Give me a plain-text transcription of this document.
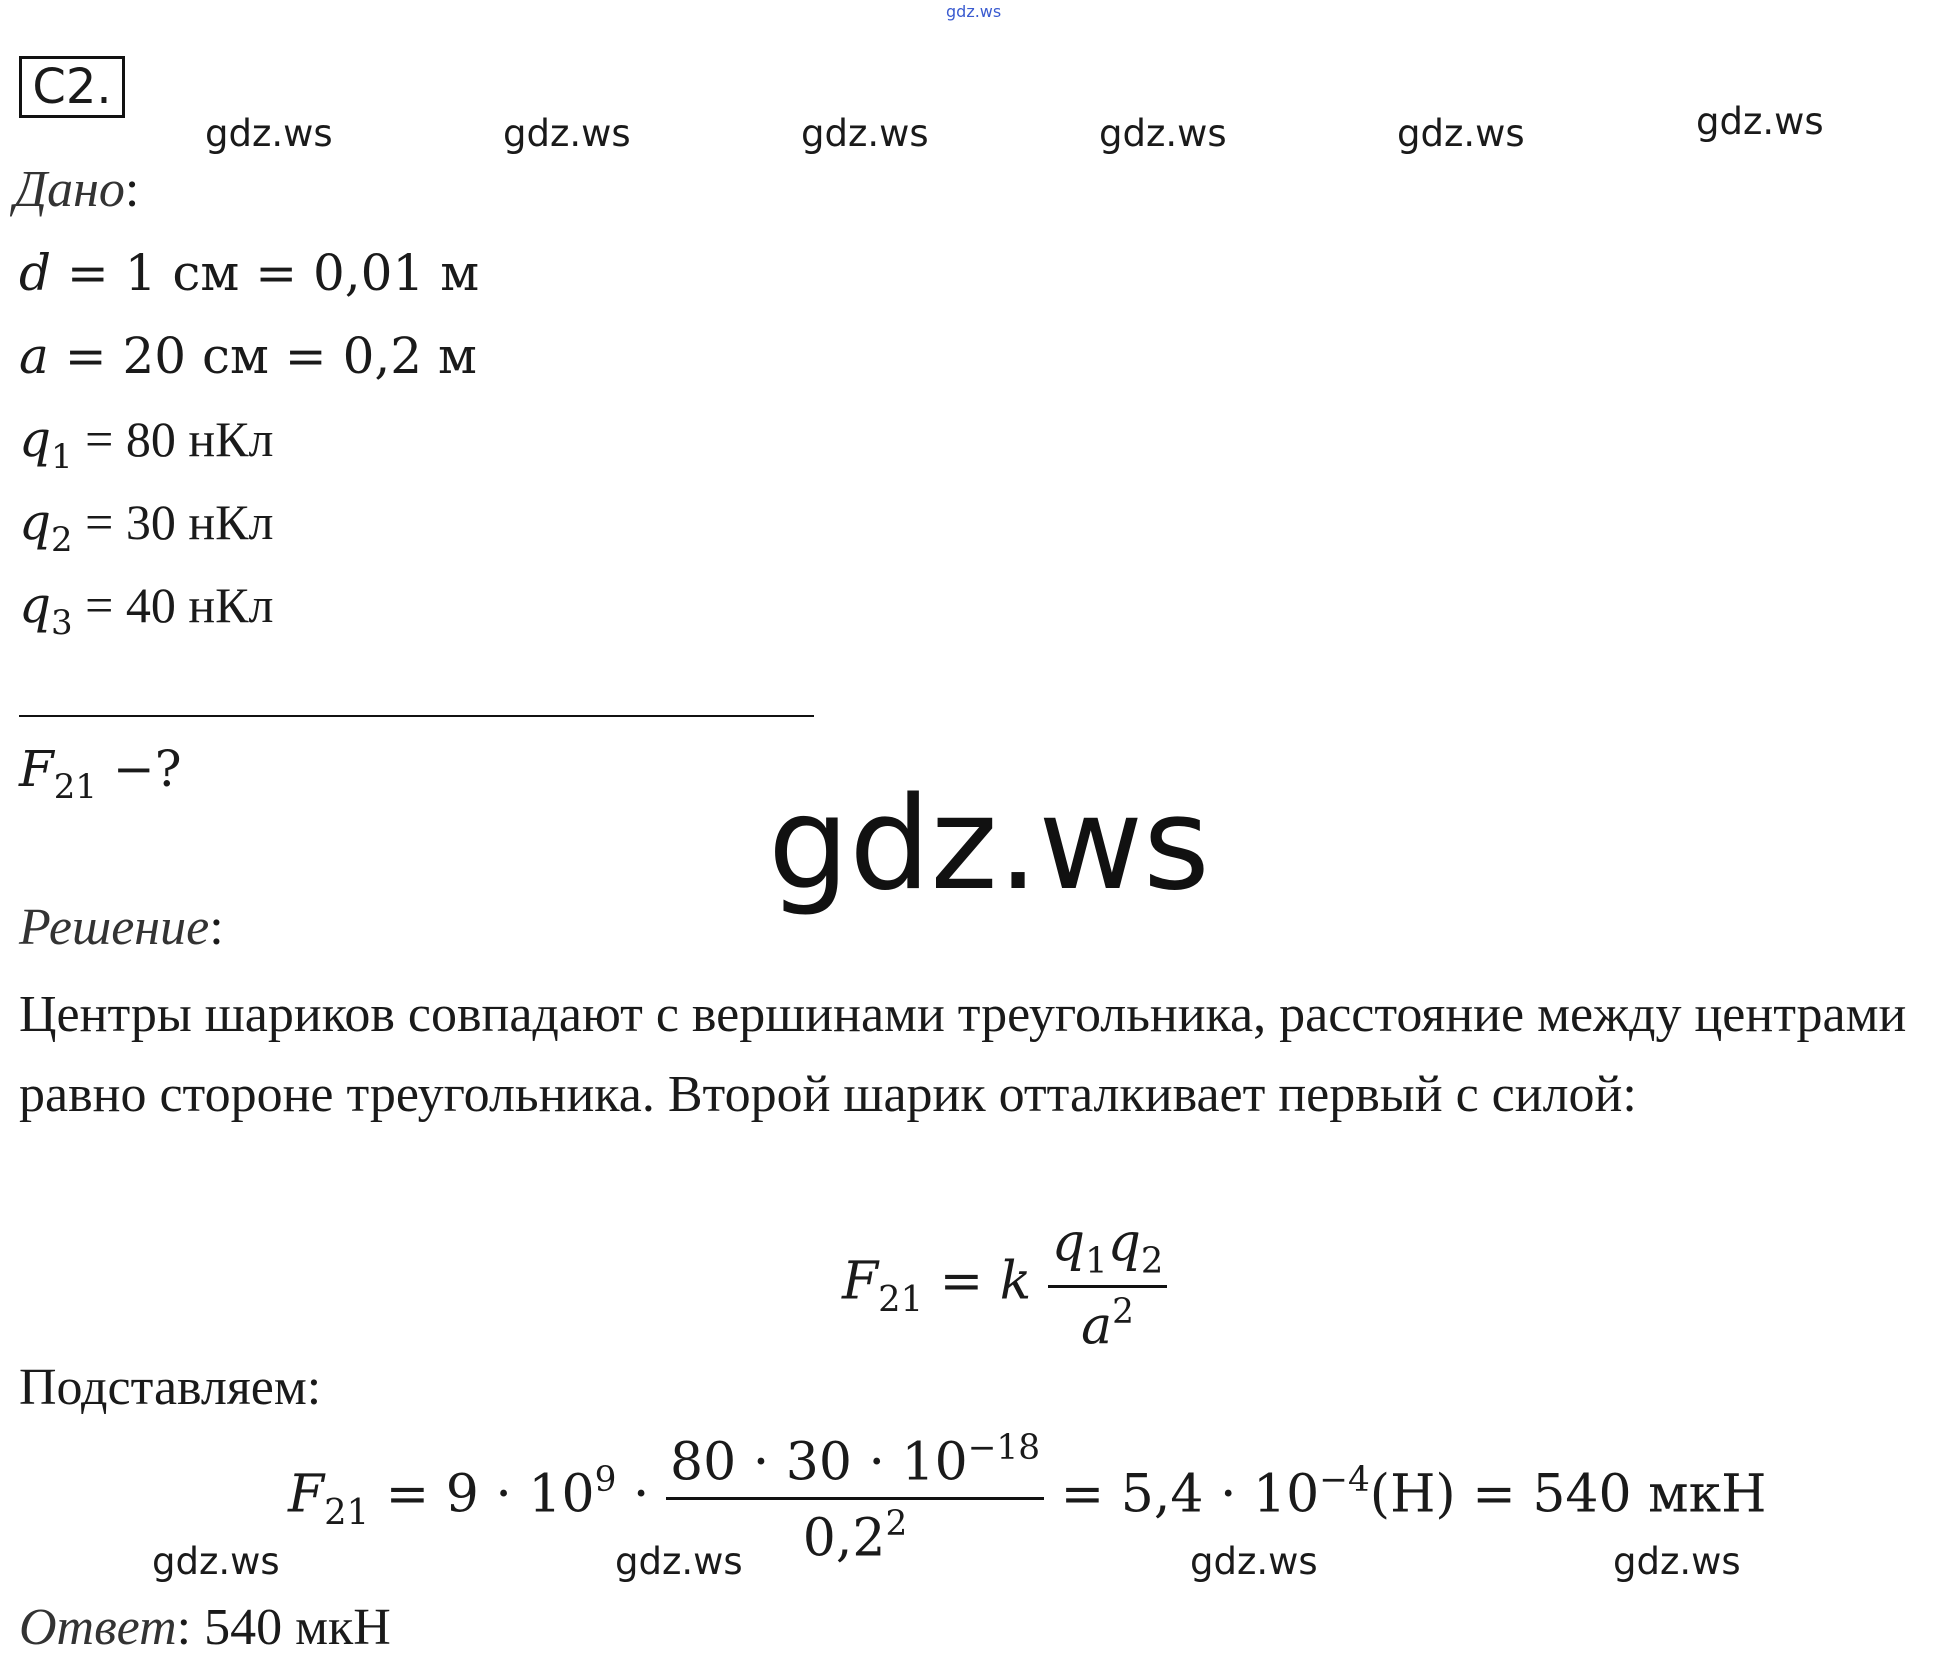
gdz.ws
C2.
gdz.ws	gdz.ws	gdz.ws	gdz.ws	gdz.ws	gdz.ws
Дано:
d = 1 см = 0,01 м
a = 20 см = 0,2 м
$q_1 = 80$ нКл
$q_2 = 30$ нКл
$q_3 = 40$ нКл
$F_{21}$ −?
gdz.ws
Решение:
Центры шариков совпадают с вершинами треугольника, расстояние между центрами равно стороне треугольника. Второй шарик отталкивает первый с силой:
$F_{21} = k \frac{q_1q_2}{a^2}$
Подставляем:
$F_{21} = 9 \cdot 10^9 \cdot \frac{80 \cdot 30 \cdot 10^{-18}}{0,2^2} = 5,4 \cdot 10^{-4}(Н) = 540$ мкН
gdz.ws	gdz.ws	gdz.ws	gdz.ws
Ответ: 540 мкН
